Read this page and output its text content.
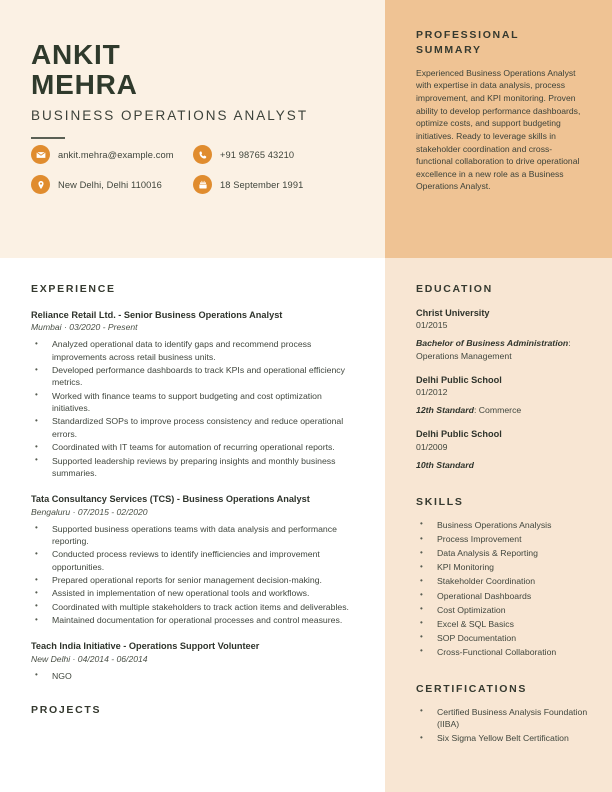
ANKIT
MEHRA
BUSINESS OPERATIONS ANALYST
ankit.mehra@example.com	+91 98765 43210
New Delhi, Delhi 110016	18 September 1991
PROFESSIONAL SUMMARY
Experienced Business Operations Analyst with expertise in data analysis, process improvement, and KPI monitoring. Proven ability to develop performance dashboards, optimize costs, and support budgeting initiatives. Ready to leverage skills in stakeholder coordination and cross-functional collaboration to drive operational excellence in a new role as a Business Operations Analyst.
EXPERIENCE
Reliance Retail Ltd. - Senior Business Operations Analyst
Mumbai · 03/2020 - Present
• Analyzed operational data to identify gaps and recommend process improvements across retail business units.
• Developed performance dashboards to track KPIs and operational efficiency metrics.
• Worked with finance teams to support budgeting and cost optimization initiatives.
• Standardized SOPs to improve process consistency and reduce operational errors.
• Coordinated with IT teams for automation of recurring operational reports.
• Supported leadership reviews by preparing insights and monthly business summaries.
Tata Consultancy Services (TCS) - Business Operations Analyst
Bengaluru · 07/2015 - 02/2020
• Supported business operations teams with data analysis and performance reporting.
• Conducted process reviews to identify inefficiencies and improvement opportunities.
• Prepared operational reports for senior management decision-making.
• Assisted in implementation of new operational tools and workflows.
• Coordinated with multiple stakeholders to track action items and deliverables.
• Maintained documentation for operational processes and control measures.
Teach India Initiative - Operations Support Volunteer
New Delhi · 04/2014 - 06/2014
• NGO
PROJECTS
EDUCATION
Christ University
01/2015
Bachelor of Business Administration: Operations Management
Delhi Public School
01/2012
12th Standard: Commerce
Delhi Public School
01/2009
10th Standard
SKILLS
• Business Operations Analysis
• Process Improvement
• Data Analysis & Reporting
• KPI Monitoring
• Stakeholder Coordination
• Operational Dashboards
• Cost Optimization
• Excel & SQL Basics
• SOP Documentation
• Cross-Functional Collaboration
CERTIFICATIONS
• Certified Business Analysis Foundation (IIBA)
• Six Sigma Yellow Belt Certification
